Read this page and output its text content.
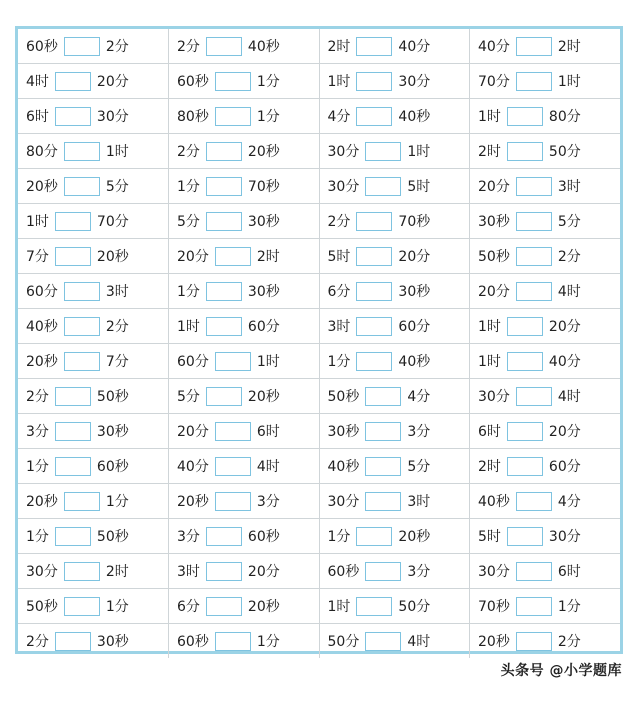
60秒 2分	2分 40秒	2时 40分	40分 2时

4时 20分	60秒 1分	1时 30分	70分 1时

6时 30分	80秒 1分	4分 40秒	1时 80分

80分 1时	2分 20秒	30分 1时	2时 50分

20秒 5分	1分 70秒	30分 5时	20分 3时

1时 70分	5分 30秒	2分 70秒	30秒 5分

7分 20秒	20分 2时	5时 20分	50秒 2分

60分 3时	1分 30秒	6分 30秒	20分 4时

40秒 2分	1时 60分	3时 60分	1时 20分

20秒 7分	60分 1时	1分 40秒	1时 40分

2分 50秒	5分 20秒	50秒 4分	30分 4时

3分 30秒	20分 6时	30秒 3分	6时 20分

1分 60秒	40分 4时	40秒 5分	2时 60分

20秒 1分	20秒 3分	30分 3时	40秒 4分

1分 50秒	3分 60秒	1分 20秒	5时 30分

30分 2时	3时 20分	60秒 3分	30分 6时

50秒 1分	6分 20秒	1时 50分	70秒 1分

2分 30秒	60秒 1分	50分 4时	20秒 2分
头条号 @小学题库
